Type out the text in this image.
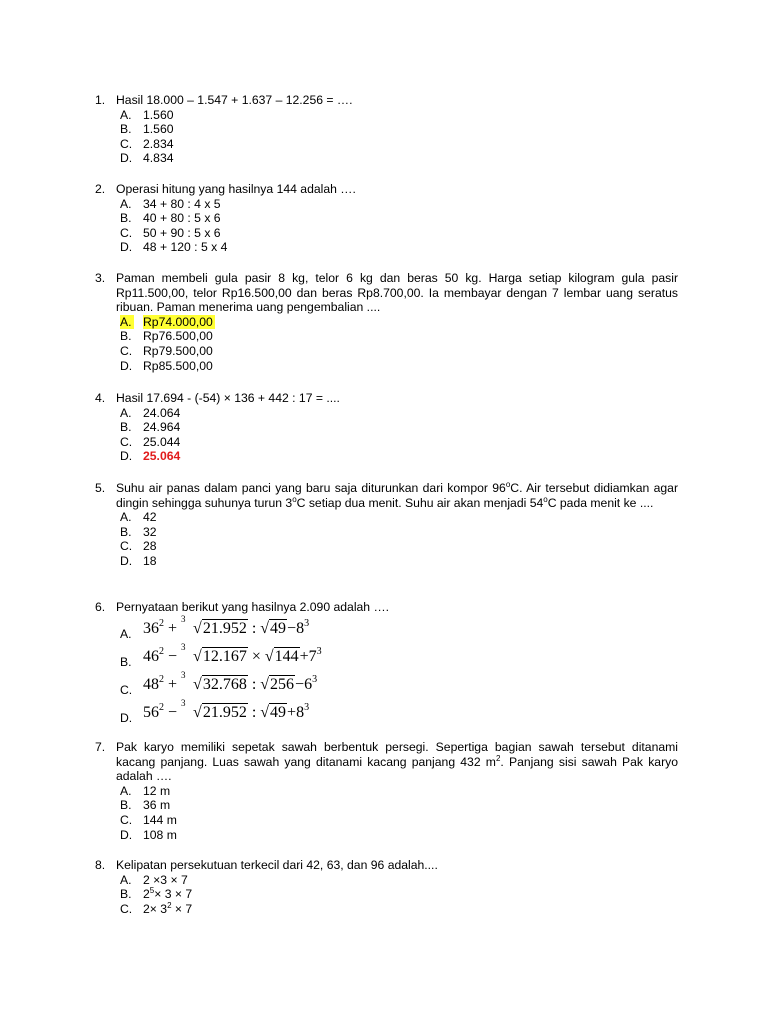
1. Hasil 18.000 – 1.547 + 1.637 – 12.256 = ….
A. 1.560
B. 1.560
C. 2.834
D. 4.834
2. Operasi hitung yang hasilnya 144 adalah ….
A. 34 + 80 : 4 x 5
B. 40 + 80 : 5 x 6
C. 50 + 90 : 5 x 6
D. 48 + 120 : 5 x 4
3. Paman membeli gula pasir 8 kg, telor 6 kg dan beras 50 kg. Harga setiap kilogram gula pasir Rp11.500,00, telor Rp16.500,00 dan beras Rp8.700,00. Ia membayar dengan 7 lembar uang seratus ribuan. Paman menerima uang pengembalian ....
A. Rp74.000,00
B. Rp76.500,00
C. Rp79.500,00
D. Rp85.500,00
4. Hasil 17.694 - (-54) × 136 + 442 : 17 = ....
A. 24.064
B. 24.964
C. 25.044
D. 25.064
5. Suhu air panas dalam panci yang baru saja diturunkan dari kompor 96$^o$C. Air tersebut didiamkan agar dingin sehingga suhunya turun 3$^o$C setiap dua menit. Suhu air akan menjadi 54$^o$C pada menit ke ....
A. 42
B. 32
C. 28
D. 18
6. Pernyataan berikut yang hasilnya 2.090 adalah ….
A. $36^2$ +
3
√21.952 : $√49-8^3$
B. $46^2$ −
3
$√12.167 \times √144+7^3$
C. $48^2$ +
3
√32.768 : $√256-6^3$
D. $56^2$ −
3
√21.952 : $√49+8^3$
7. Pak karyo memiliki sepetak sawah berbentuk persegi. Sepertiga bagian sawah tersebut ditanami kacang panjang. Luas sawah yang ditanami kacang panjang 432 $m^2$. Panjang sisi sawah Pak karyo adalah ….
A. 12 m
B. 36 m
C. 144 m
D. 108 m
8. Kelipatan persekutuan terkecil dari 42, 63, dan 96 adalah....
A. 2 ×3 × 7
B. $2^5\times 3 \times 7$
C. $2\times 3^2 \times 7$
